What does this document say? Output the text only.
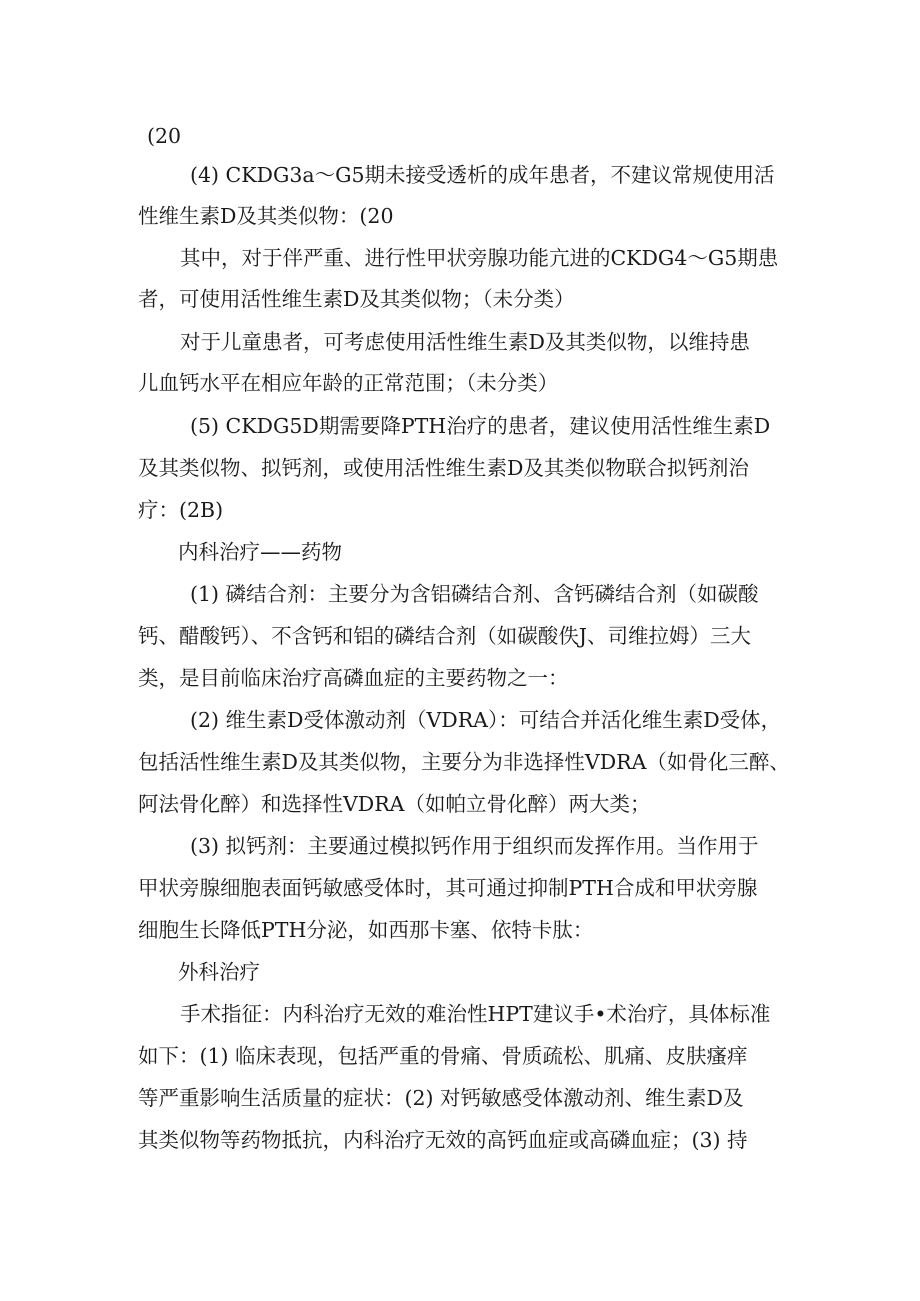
(20
(4) CKDG3a～G5期未接受透析的成年患者，不建议常规使用活
性维生素D及其类似物：(20
其中，对于伴严重、进行性甲状旁腺功能亢进的CKDG4～G5期患
者，可使用活性维生素D及其类似物；（未分类）
对于儿童患者，可考虑使用活性维生素D及其类似物，以维持患
儿血钙水平在相应年龄的正常范围；（未分类）
(5) CKDG5D期需要降PTH治疗的患者，建议使用活性维生素D
及其类似物、拟钙剂，或使用活性维生素D及其类似物联合拟钙剂治
疗：(2B)
内科治疗——药物
(1) 磷结合剂：主要分为含铝磷结合剂、含钙磷结合剂（如碳酸
钙、醋酸钙）、不含钙和铝的磷结合剂（如碳酸佚J、司维拉姆）三大
类，是目前临床治疗高磷血症的主要药物之一：
(2) 维生素D受体激动剂（VDRA）：可结合并活化维生素D受体，
包括活性维生素D及其类似物，主要分为非选择性VDRA（如骨化三醉、
阿法骨化醉）和选择性VDRA（如帕立骨化醉）两大类；
(3) 拟钙剂：主要通过模拟钙作用于组织而发挥作用。当作用于
甲状旁腺细胞表面钙敏感受体时，其可通过抑制PTH合成和甲状旁腺
细胞生长降低PTH分泌，如西那卡塞、依特卡肽：
外科治疗
手术指征：内科治疗无效的难治性HPT建议手•术治疗，具体标准
如下：(1) 临床表现，包括严重的骨痛、骨质疏松、肌痛、皮肤瘙痒
等严重影响生活质量的症状：(2) 对钙敏感受体激动剂、维生素D及
其类似物等药物抵抗，内科治疗无效的高钙血症或高磷血症；(3) 持
